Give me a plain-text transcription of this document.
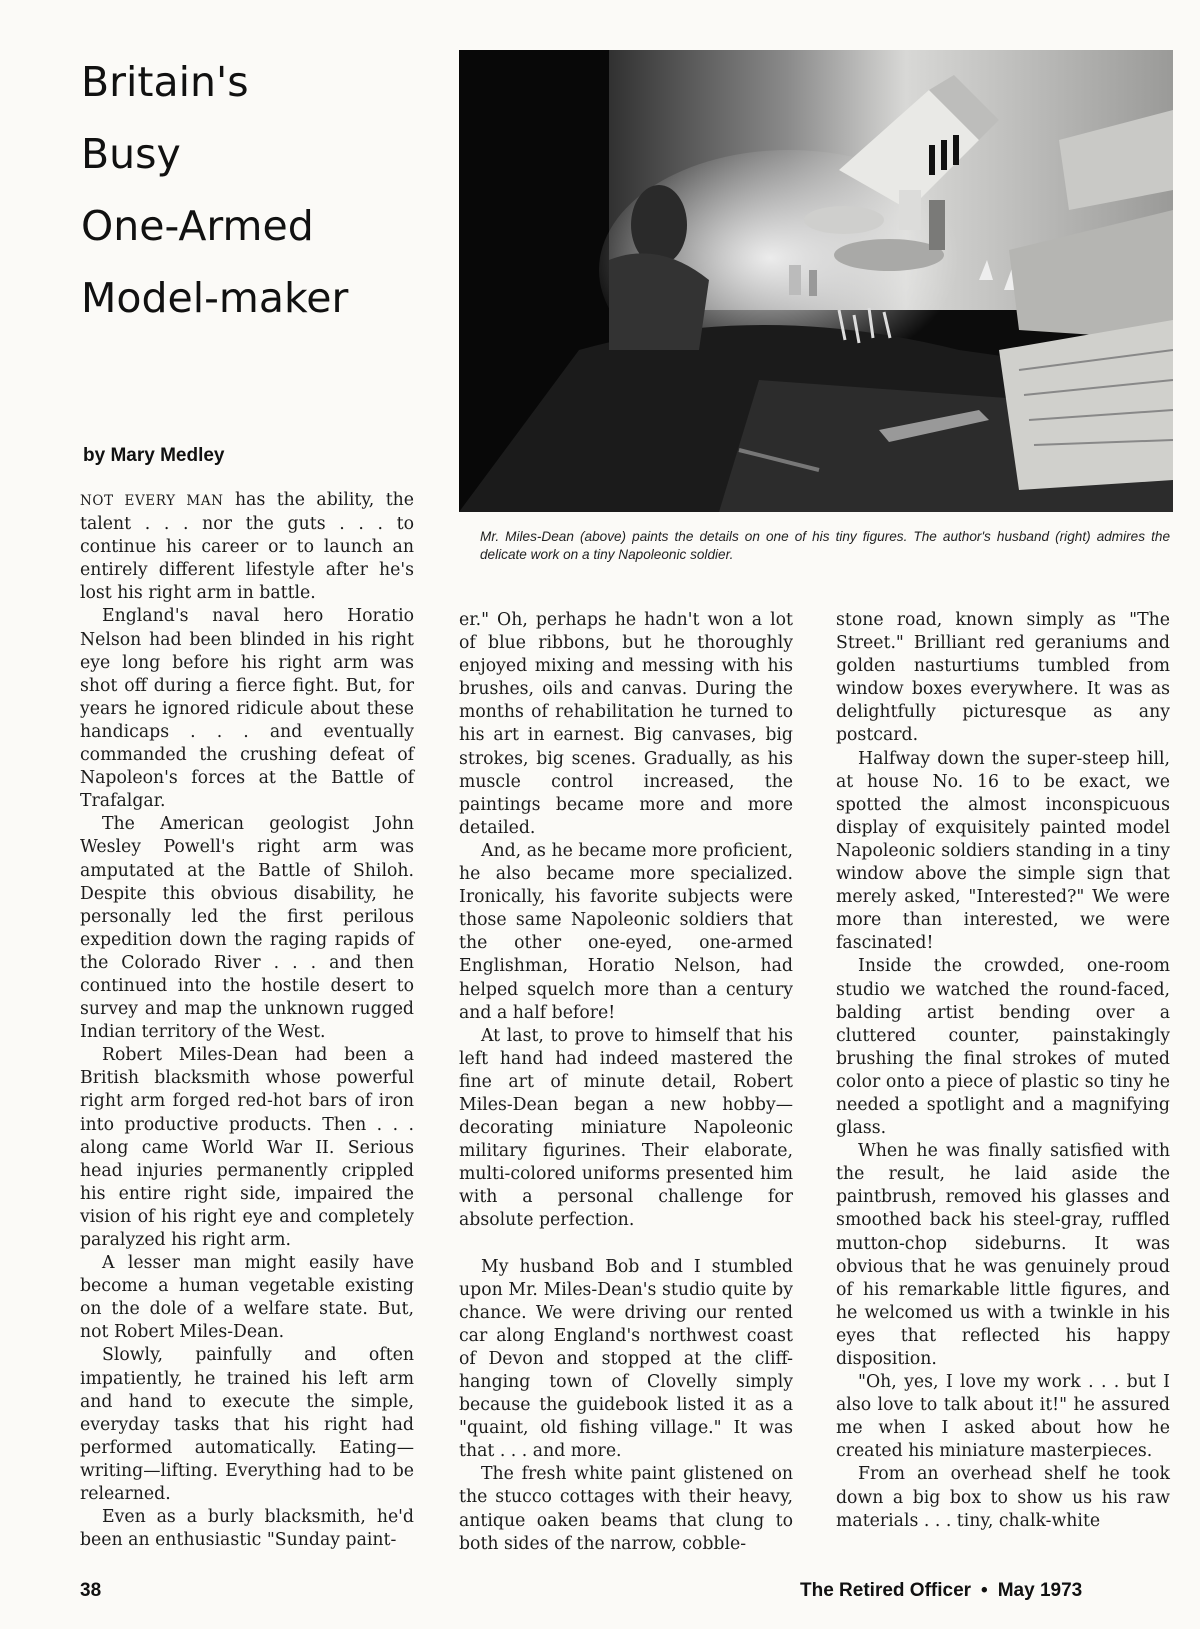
Britain's
Busy
One-Armed
Model-maker
by Mary Medley
Mr. Miles-Dean (above) paints the details on one of his tiny figures. The author's husband (right) admires the delicate work on a tiny Napoleonic soldier.

NOT EVERY MAN has the ability, the talent . . . nor the guts . . . to continue his career or to launch an entirely different lifestyle after he's lost his right arm in battle.

England's naval hero Horatio Nelson had been blinded in his right eye long before his right arm was shot off during a fierce fight. But, for years he ignored ridicule about these handicaps . . . and eventually commanded the crushing defeat of Napoleon's forces at the Battle of Trafalgar.

The American geologist John Wesley Powell's right arm was amputated at the Battle of Shiloh. Despite this obvious disability, he personally led the first perilous expedition down the raging rapids of the Colorado River . . . and then continued into the hostile desert to survey and map the unknown rugged Indian territory of the West.

Robert Miles-Dean had been a British blacksmith whose powerful right arm forged red-hot bars of iron into productive products. Then . . . along came World War II. Serious head injuries permanently crippled his entire right side, impaired the vision of his right eye and completely paralyzed his right arm.

A lesser man might easily have become a human vegetable existing on the dole of a welfare state. But, not Robert Miles-Dean.

Slowly, painfully and often impatiently, he trained his left arm and hand to execute the simple, everyday tasks that his right had performed automatically. Eating—writing—lifting. Everything had to be relearned.

Even as a burly blacksmith, he'd been an enthusiastic "Sunday paint-

er." Oh, perhaps he hadn't won a lot of blue ribbons, but he thoroughly enjoyed mixing and messing with his brushes, oils and canvas. During the months of rehabilitation he turned to his art in earnest. Big canvases, big strokes, big scenes. Gradually, as his muscle control increased, the paintings became more and more detailed.

And, as he became more proficient, he also became more specialized. Ironically, his favorite subjects were those same Napoleonic soldiers that the other one-eyed, one-armed Englishman, Horatio Nelson, had helped squelch more than a century and a half before!

At last, to prove to himself that his left hand had indeed mastered the fine art of minute detail, Robert Miles-Dean began a new hobby—decorating miniature Napoleonic military figurines. Their elaborate, multi-colored uniforms presented him with a personal challenge for absolute perfection.

My husband Bob and I stumbled upon Mr. Miles-Dean's studio quite by chance. We were driving our rented car along England's northwest coast of Devon and stopped at the cliff-hanging town of Clovelly simply because the guidebook listed it as a "quaint, old fishing village." It was that . . . and more.

The fresh white paint glistened on the stucco cottages with their heavy, antique oaken beams that clung to both sides of the narrow, cobble-

stone road, known simply as "The Street." Brilliant red geraniums and golden nasturtiums tumbled from window boxes everywhere. It was as delightfully picturesque as any postcard.

Halfway down the super-steep hill, at house No. 16 to be exact, we spotted the almost inconspicuous display of exquisitely painted model Napoleonic soldiers standing in a tiny window above the simple sign that merely asked, "Interested?" We were more than interested, we were fascinated!

Inside the crowded, one-room studio we watched the round-faced, balding artist bending over a cluttered counter, painstakingly brushing the final strokes of muted color onto a piece of plastic so tiny he needed a spotlight and a magnifying glass.

When he was finally satisfied with the result, he laid aside the paintbrush, removed his glasses and smoothed back his steel-gray, ruffled mutton-chop sideburns. It was obvious that he was genuinely proud of his remarkable little figures, and he welcomed us with a twinkle in his eyes that reflected his happy disposition.

"Oh, yes, I love my work . . . but I also love to talk about it!" he assured me when I asked about how he created his miniature masterpieces.

From an overhead shelf he took down a big box to show us his raw materials . . . tiny, chalk-white

38	The Retired Officer • May 1973
